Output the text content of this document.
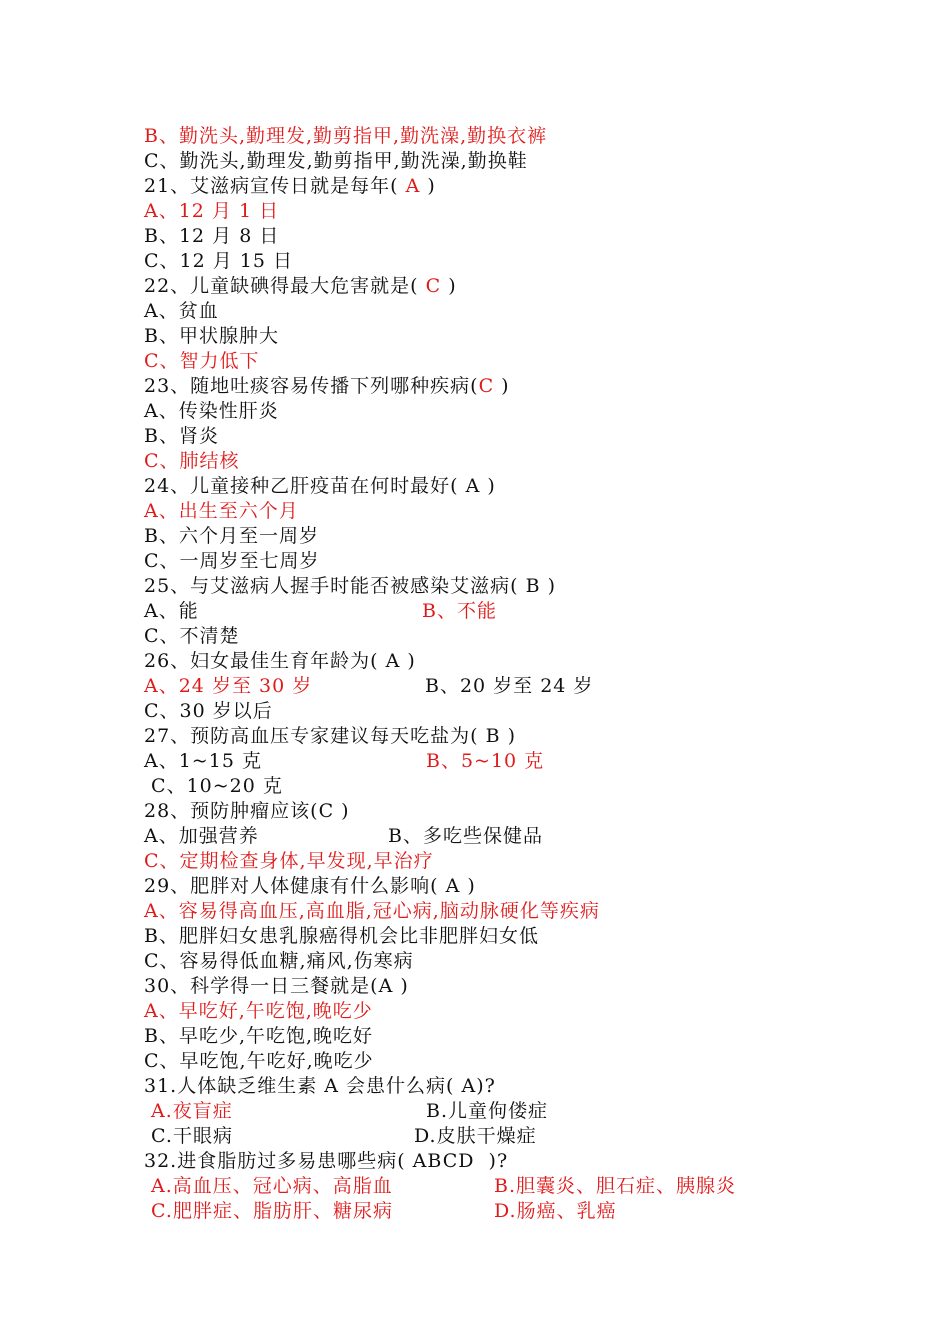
B、勤洗头,勤理发,勤剪指甲,勤洗澡,勤换衣裤
C、勤洗头,勤理发,勤剪指甲,勤洗澡,勤换鞋
21、艾滋病宣传日就是每年( A )
A、12 月 1 日
B、12 月 8 日
C、12 月 15 日
22、儿童缺碘得最大危害就是( C )
A、贫血
B、甲状腺肿大
C、智力低下
23、随地吐痰容易传播下列哪种疾病(C )
A、传染性肝炎
B、肾炎
C、肺结核
24、儿童接种乙肝疫苗在何时最好( A )
A、出生至六个月
B、六个月至一周岁
C、一周岁至七周岁
25、与艾滋病人握手时能否被感染艾滋病( B )
A、能	B、不能
C、不清楚
26、妇女最佳生育年龄为( A )
A、24 岁至 30 岁	B、20 岁至 24 岁
C、30 岁以后
27、预防高血压专家建议每天吃盐为( B )
A、1~15 克	B、5~10 克
C、10~20 克
28、预防肿瘤应该(C )
A、加强营养	B、多吃些保健品
C、定期检查身体,早发现,早治疗
29、肥胖对人体健康有什么影响( A )
A、容易得高血压,高血脂,冠心病,脑动脉硬化等疾病
B、肥胖妇女患乳腺癌得机会比非肥胖妇女低
C、容易得低血糖,痛风,伤寒病
30、科学得一日三餐就是(A )
A、早吃好,午吃饱,晚吃少
B、早吃少,午吃饱,晚吃好
C、早吃饱,午吃好,晚吃少
31.人体缺乏维生素 A 会患什么病( A)?
A.夜盲症	B.儿童佝偻症
C.干眼病	D.皮肤干燥症
32.进食脂肪过多易患哪些病( ABCD  )?
A.高血压、冠心病、高脂血	B.胆囊炎、胆石症、胰腺炎
C.肥胖症、脂肪肝、糖尿病	D.肠癌、乳癌
